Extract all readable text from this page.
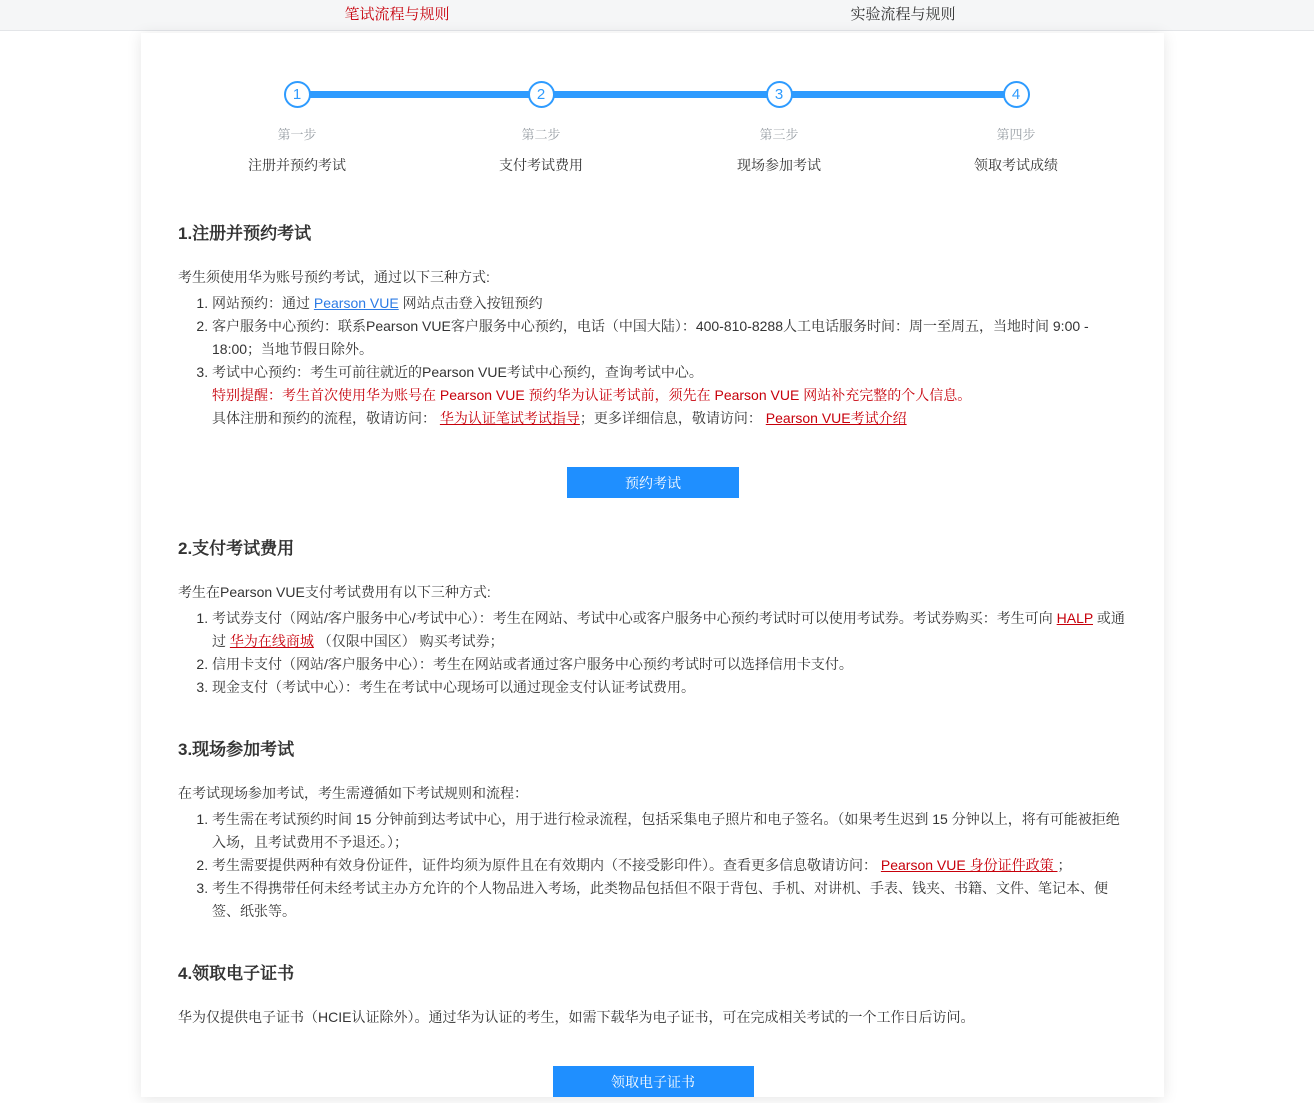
笔试流程与规则	实验流程与规则
1
第一步
注册并预约考试
2
第二步
支付考试费用
3
第三步
现场参加考试
4
第四步
领取考试成绩
1.注册并预约考试

考生须使用华为账号预约考试，通过以下三种方式:

1. 网站预约：通过 Pearson VUE 网站点击登入按钮预约
2. 客户服务中心预约：联系Pearson VUE客户服务中心预约，电话（中国大陆）：400-810-8288人工电话服务时间：周一至周五，当地时间 9:00 - 18:00；当地节假日除外。
3. 考试中心预约：考生可前往就近的Pearson VUE考试中心预约，查询考试中心。
特别提醒：考生首次使用华为账号在 Pearson VUE 预约华为认证考试前，须先在 Pearson VUE 网站补充完整的个人信息。
具体注册和预约的流程，敬请访问： 华为认证笔试考试指导；更多详细信息，敬请访问： Pearson VUE考试介绍
预约考试
2.支付考试费用

考生在Pearson VUE支付考试费用有以下三种方式:

1. 考试券支付（网站/客户服务中心/考试中心）：考生在网站、考试中心或客户服务中心预约考试时可以使用考试券。考试券购买：考生可向 HALP 或通过 华为在线商城 （仅限中国区） 购买考试券；
2. 信用卡支付（网站/客户服务中心）：考生在网站或者通过客户服务中心预约考试时可以选择信用卡支付。
3. 现金支付（考试中心）：考生在考试中心现场可以通过现金支付认证考试费用。
3.现场参加考试

在考试现场参加考试，考生需遵循如下考试规则和流程：

1. 考生需在考试预约时间 15 分钟前到达考试中心，用于进行检录流程，包括采集电子照片和电子签名。（如果考生迟到 15 分钟以上，将有可能被拒绝入场，且考试费用不予退还。）；
2. 考生需要提供两种有效身份证件，证件均须为原件且在有效期内（不接受影印件）。查看更多信息敬请访问： Pearson VUE 身份证件政策 ；
3. 考生不得携带任何未经考试主办方允许的个人物品进入考场，此类物品包括但不限于背包、手机、对讲机、手表、钱夹、书籍、文件、笔记本、便签、纸张等。
4.领取电子证书

华为仅提供电子证书（HCIE认证除外）。通过华为认证的考生，如需下载华为电子证书，可在完成相关考试的一个工作日后访问。

领取电子证书
